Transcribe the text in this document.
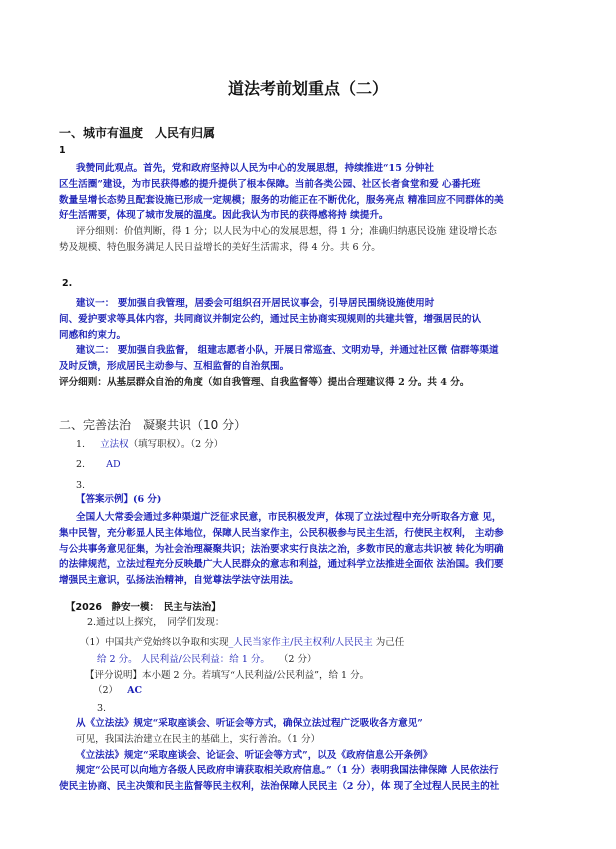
道法考前划重点（二）
一、城市有温度　人民有归属
1

我赞同此观点。首先，党和政府坚持以人民为中心的发展思想，持续推进“15 分钟社

区生活圈”建设，为市民获得感的提升提供了根本保障。当前各类公园、社区长者食堂和爱 心番托班

数量呈增长态势且配套设施已形成一定规模；服务的功能正在不断优化，服务亮点 精准回应不同群体的美

好生活需要，体现了城市发展的温度。因此我认为市民的获得感将持 续提升。

评分细则：价值判断，得 1 分；以人民为中心的发展思想，得 1 分；准确归纳惠民设施 建设增长态

势及规模、特色服务满足人民日益增长的美好生活需求，得 4 分。共 6 分。

2.

建议一： 要加强自我管理，居委会可组织召开居民议事会，引导居民围绕设施使用时

间、爱护要求等具体内容，共同商议并制定公约，通过民主协商实现规则的共建共管，增强居民的认

同感和约束力。

建议二： 要加强自我监督， 组建志愿者小队，开展日常巡查、文明劝导，并通过社区微 信群等渠道

及时反馈，形成居民主动参与、互相监督的自治氛围。

评分细则：从基层群众自治的角度（如自我管理、自我监督等）提出合理建议得 2 分。共 4 分。

二、完善法治　凝聚共识（10 分）
1. 立法权（填写职权）。（2 分）
2. AD
3.
【答案示例】(6 分)

全国人大常委会通过多种渠道广泛征求民意，市民积极发声，体现了立法过程中充分听取各方意 见，

集中民智，充分彰显人民主体地位，保障人民当家作主，公民积极参与民主生活，行使民主权利， 主动参

与公共事务意见征集，为社会治理凝聚共识；法治要求实行良法之治，多数市民的意志共识被 转化为明确

的法律规范，立法过程充分反映最广大人民群众的意志和利益，通过科学立法推进全面依 法治国。我们要

增强民主意识，弘扬法治精神，自觉尊法学法守法用法。

【2026　静安一模：　民主与法治】
2.通过以上探究，　同学们发现：
（1）中国共产党始终以争取和实现_人民当家作主/民主权利/人民民主 为己任
给 2 分。 人民利益/公民利益：给 1 分。 （2 分）
【评分说明】本小题 2 分。若填写“人民利益/公民利益”，给 1 分。
（2） AC
3.

从《立法法》规定“采取座谈会、听证会等方式，确保立法过程广泛吸收各方意见”

可见，我国法治建立在民主的基础上，实行善治。（1 分）

《立法法》规定“采取座谈会、论证会、听证会等方式”，以及《政府信息公开条例》

规定“公民可以向地方各级人民政府申请获取相关政府信息。”（1 分）表明我国法律保障 人民依法行

使民主协商、民主决策和民主监督等民主权利，法治保障人民民主（2 分），体 现了全过程人民民主的社
